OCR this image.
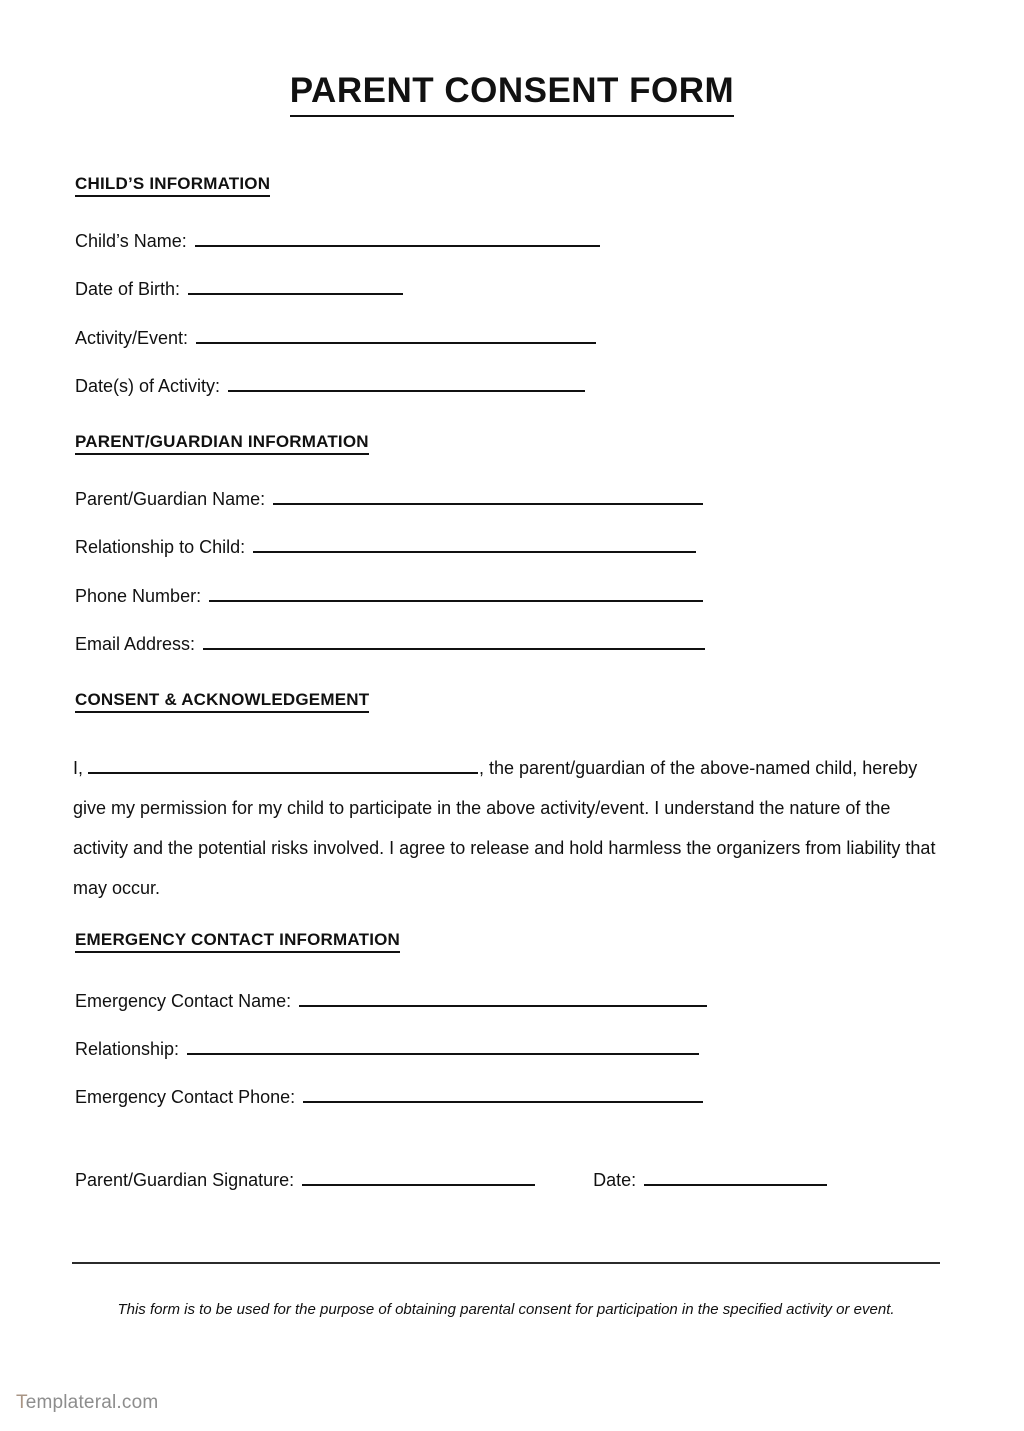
PARENT CONSENT FORM
CHILD’S INFORMATION
Child’s Name:
Date of Birth:
Activity/Event:
Date(s) of Activity:
PARENT/GUARDIAN INFORMATION
Parent/Guardian Name:
Relationship to Child:
Phone Number:
Email Address:
CONSENT & ACKNOWLEDGEMENT
I,	, the parent/guardian of the above-named child, hereby give my permission for my child to participate in the above activity/event. I understand the nature of the activity and the potential risks involved. I agree to release and hold harmless the organizers from liability that may occur.
EMERGENCY CONTACT INFORMATION
Emergency Contact Name:
Relationship:
Emergency Contact Phone:
Parent/Guardian Signature:	Date:
This form is to be used for the purpose of obtaining parental consent for participation in the specified activity or event.
Templateral.com
